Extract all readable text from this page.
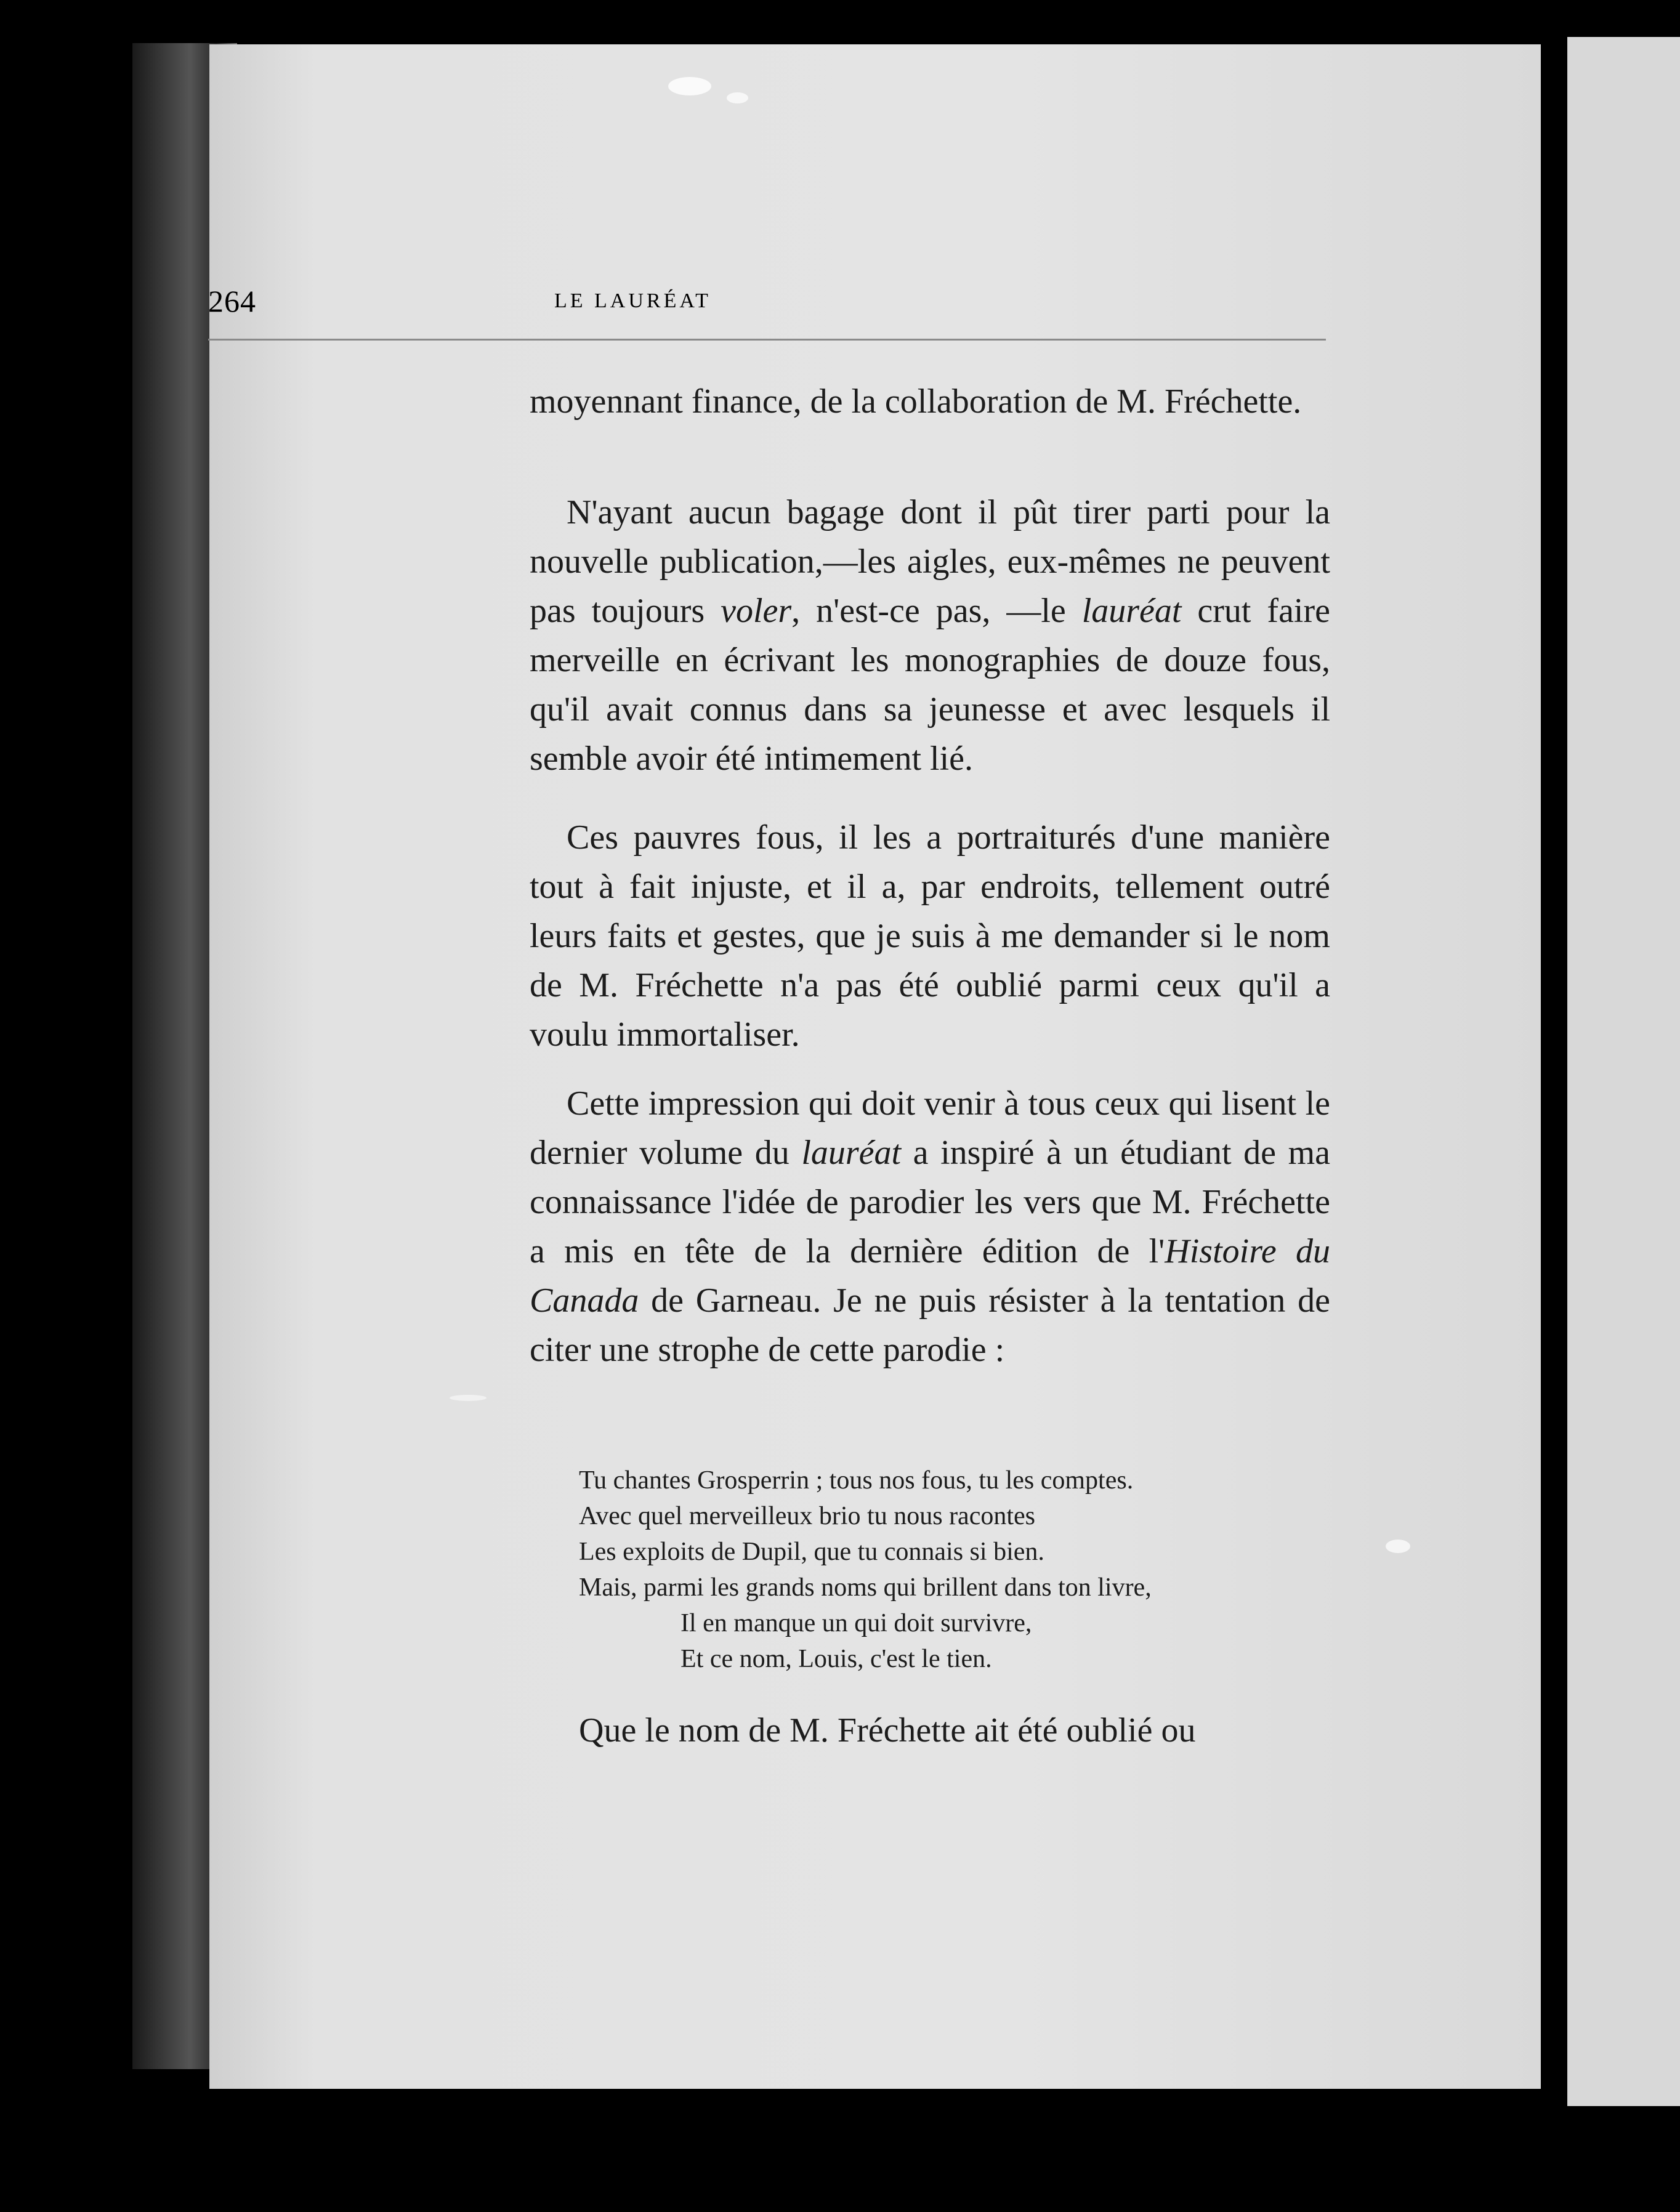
264	LE LAURÉAT

moyennant finance, de la collaboration de M. Fréchette.

N'ayant aucun bagage dont il pût tirer parti pour la nouvelle publication,—les aigles, eux-mêmes ne peuvent pas toujours voler, n'est-ce pas, —le lauréat crut faire merveille en écrivant les monographies de douze fous, qu'il avait connus dans sa jeunesse et avec lesquels il semble avoir été intimement lié.

Ces pauvres fous, il les a portraiturés d'une manière tout à fait injuste, et il a, par endroits, tellement outré leurs faits et gestes, que je suis à me demander si le nom de M. Fréchette n'a pas été oublié parmi ceux qu'il a voulu immortaliser.

Cette impression qui doit venir à tous ceux qui lisent le dernier volume du lauréat a inspiré à un étudiant de ma connaissance l'idée de parodier les vers que M. Fréchette a mis en tête de la dernière édition de l'Histoire du Canada de Garneau. Je ne puis résister à la tentation de citer une strophe de cette parodie :

Tu chantes Grosperrin ; tous nos fous, tu les comptes.
Avec quel merveilleux brio tu nous racontes
Les exploits de Dupil, que tu connais si bien.
Mais, parmi les grands noms qui brillent dans ton livre,
Il en manque un qui doit survivre,
Et ce nom, Louis, c'est le tien.

Que le nom de M. Fréchette ait été oublié ou
